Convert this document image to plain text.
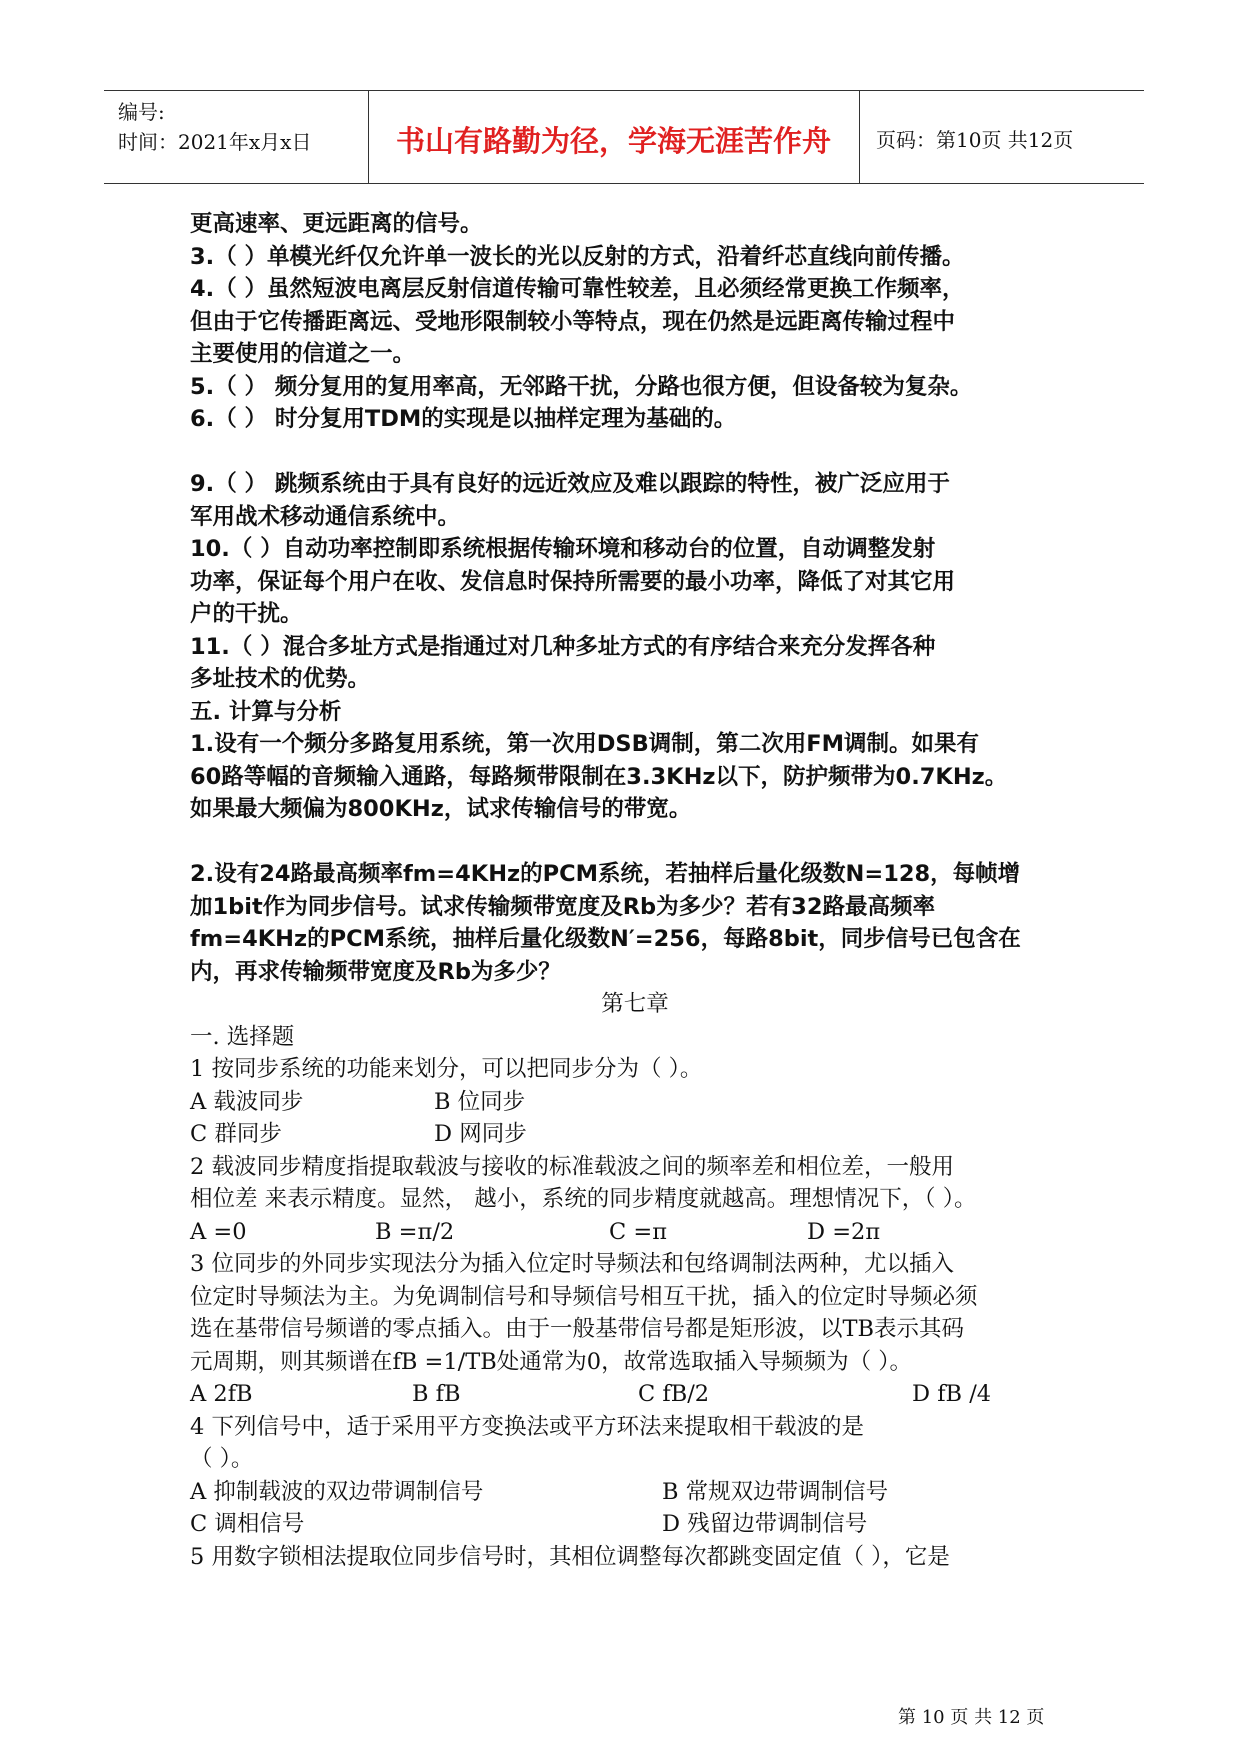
编号:
时间：2021年x月x日	书山有路勤为径，学海无涯苦作舟	页码：第10页 共12页
更高速率、更远距离的信号。
3.（ ）单模光纤仅允许单一波长的光以反射的方式，沿着纤芯直线向前传播。
4.（ ）虽然短波电离层反射信道传输可靠性较差，且必须经常更换工作频率，
但由于它传播距离远、受地形限制较小等特点，现在仍然是远距离传输过程中
主要使用的信道之一。
5.（ ） 频分复用的复用率高，无邻路干扰，分路也很方便，但设备较为复杂。
6.（ ） 时分复用TDM的实现是以抽样定理为基础的。
9.（ ） 跳频系统由于具有良好的远近效应及难以跟踪的特性，被广泛应用于
军用战术移动通信系统中。
10.（ ）自动功率控制即系统根据传输环境和移动台的位置，自动调整发射
功率，保证每个用户在收、发信息时保持所需要的最小功率，降低了对其它用
户的干扰。
11.（ ）混合多址方式是指通过对几种多址方式的有序结合来充分发挥各种
多址技术的优势。
五. 计算与分析
1.设有一个频分多路复用系统，第一次用DSB调制，第二次用FM调制。如果有
60路等幅的音频输入通路，每路频带限制在3.3KHz以下，防护频带为0.7KHz。
如果最大频偏为800KHz，试求传输信号的带宽。
2.设有24路最高频率fm=4KHz的PCM系统，若抽样后量化级数N=128，每帧增
加1bit作为同步信号。试求传输频带宽度及Rb为多少？若有32路最高频率
fm=4KHz的PCM系统，抽样后量化级数N′=256，每路8bit，同步信号已包含在
内，再求传输频带宽度及Rb为多少？
第七章
一. 选择题
1 按同步系统的功能来划分，可以把同步分为（ ）。
A 载波同步	B 位同步
C 群同步	D 网同步
2 载波同步精度指提取载波与接收的标准载波之间的频率差和相位差，一般用
相位差 来表示精度。显然， 越小，系统的同步精度就越高。理想情况下，（ ）。
A =0	B =π/2	C =π	D =2π
3 位同步的外同步实现法分为插入位定时导频法和包络调制法两种，尤以插入
位定时导频法为主。为免调制信号和导频信号相互干扰，插入的位定时导频必须
选在基带信号频谱的零点插入。由于一般基带信号都是矩形波，以TB表示其码
元周期，则其频谱在fB =1/TB处通常为0，故常选取插入导频频为（ ）。
A 2fB	B fB	C fB/2	D fB /4
4 下列信号中，适于采用平方变换法或平方环法来提取相干载波的是
（ ）。
A 抑制载波的双边带调制信号	B 常规双边带调制信号
C 调相信号	D 残留边带调制信号
5 用数字锁相法提取位同步信号时，其相位调整每次都跳变固定值（ ），它是
第 10 页 共 12 页
